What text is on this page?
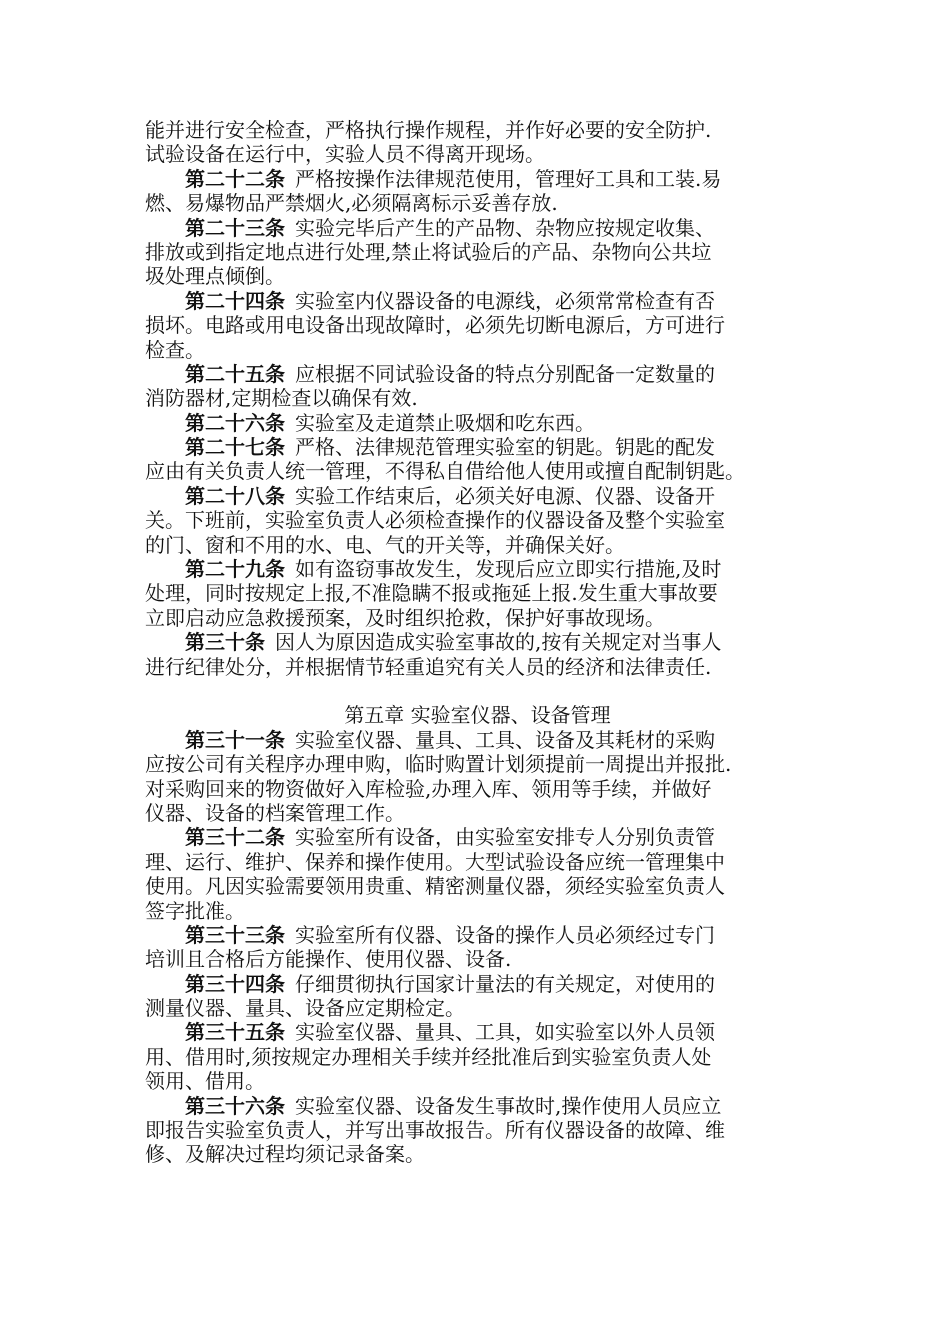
能并进行安全检查，严格执行操作规程，并作好必要的安全防护.
试验设备在运行中，实验人员不得离开现场。
第二十二条 严格按操作法律规范使用，管理好工具和工装.易
燃、易爆物品严禁烟火,必须隔离标示妥善存放.
第二十三条 实验完毕后产生的产品物、杂物应按规定收集、
排放或到指定地点进行处理,禁止将试验后的产品、杂物向公共垃
圾处理点倾倒。
第二十四条 实验室内仪器设备的电源线，必须常常检查有否
损坏。电路或用电设备出现故障时，必须先切断电源后，方可进行
检查。
第二十五条 应根据不同试验设备的特点分别配备一定数量的
消防器材,定期检查以确保有效.
第二十六条 实验室及走道禁止吸烟和吃东西。
第二十七条 严格、法律规范管理实验室的钥匙。钥匙的配发
应由有关负责人统一管理，不得私自借给他人使用或擅自配制钥匙。
第二十八条 实验工作结束后，必须关好电源、仪器、设备开
关。下班前，实验室负责人必须检查操作的仪器设备及整个实验室
的门、窗和不用的水、电、气的开关等，并确保关好。
第二十九条 如有盗窃事故发生，发现后应立即实行措施,及时
处理，同时按规定上报,不准隐瞒不报或拖延上报.发生重大事故要
立即启动应急救援预案，及时组织抢救，保护好事故现场。
第三十条 因人为原因造成实验室事故的,按有关规定对当事人
进行纪律处分，并根据情节轻重追究有关人员的经济和法律责任.
第五章 实验室仪器、设备管理
第三十一条 实验室仪器、量具、工具、设备及其耗材的采购
应按公司有关程序办理申购，临时购置计划须提前一周提出并报批.
对采购回来的物资做好入库检验,办理入库、领用等手续，并做好
仪器、设备的档案管理工作。
第三十二条 实验室所有设备，由实验室安排专人分别负责管
理、运行、维护、保养和操作使用。大型试验设备应统一管理集中
使用。凡因实验需要领用贵重、精密测量仪器，须经实验室负责人
签字批准。
第三十三条 实验室所有仪器、设备的操作人员必须经过专门
培训且合格后方能操作、使用仪器、设备.
第三十四条 仔细贯彻执行国家计量法的有关规定，对使用的
测量仪器、量具、设备应定期检定。
第三十五条 实验室仪器、量具、工具，如实验室以外人员领
用、借用时,须按规定办理相关手续并经批准后到实验室负责人处
领用、借用。
第三十六条 实验室仪器、设备发生事故时,操作使用人员应立
即报告实验室负责人，并写出事故报告。所有仪器设备的故障、维
修、及解决过程均须记录备案。
